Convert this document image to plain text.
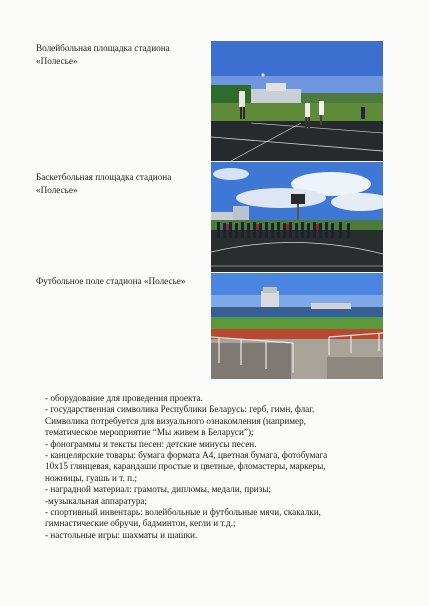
Волейбольная площадка стадиона
«Полесье»
Баскетбольная площадка стадиона
«Полесье»
Футбольное поле стадиона «Полесье»
- оборудование для проведения проекта.
- государственная символика Республики Беларусь: герб, гимн, флаг.
Символика потребуется для визуального ознакомления (например,
тематическое мероприятие “Мы живем в Беларуси”);
- фонограммы и тексты песен: детские минусы песен.
- канцелярские товары: бумага формата А4, цветная бумага, фотобумага
10x15 глянцевая, карандаши простые и цветные, фломастеры, маркеры,
ножницы, гуашь и т. п.;
- наградной материал: грамоты, дипломы, медали, призы;
-музыкальная аппаратура;
- спортивный инвентарь: волейбольные и футбольные мячи, скакалки,
гимнастические обручи, бадминтон, кегли и т.д.;
- настольные игры: шахматы и шашки.
